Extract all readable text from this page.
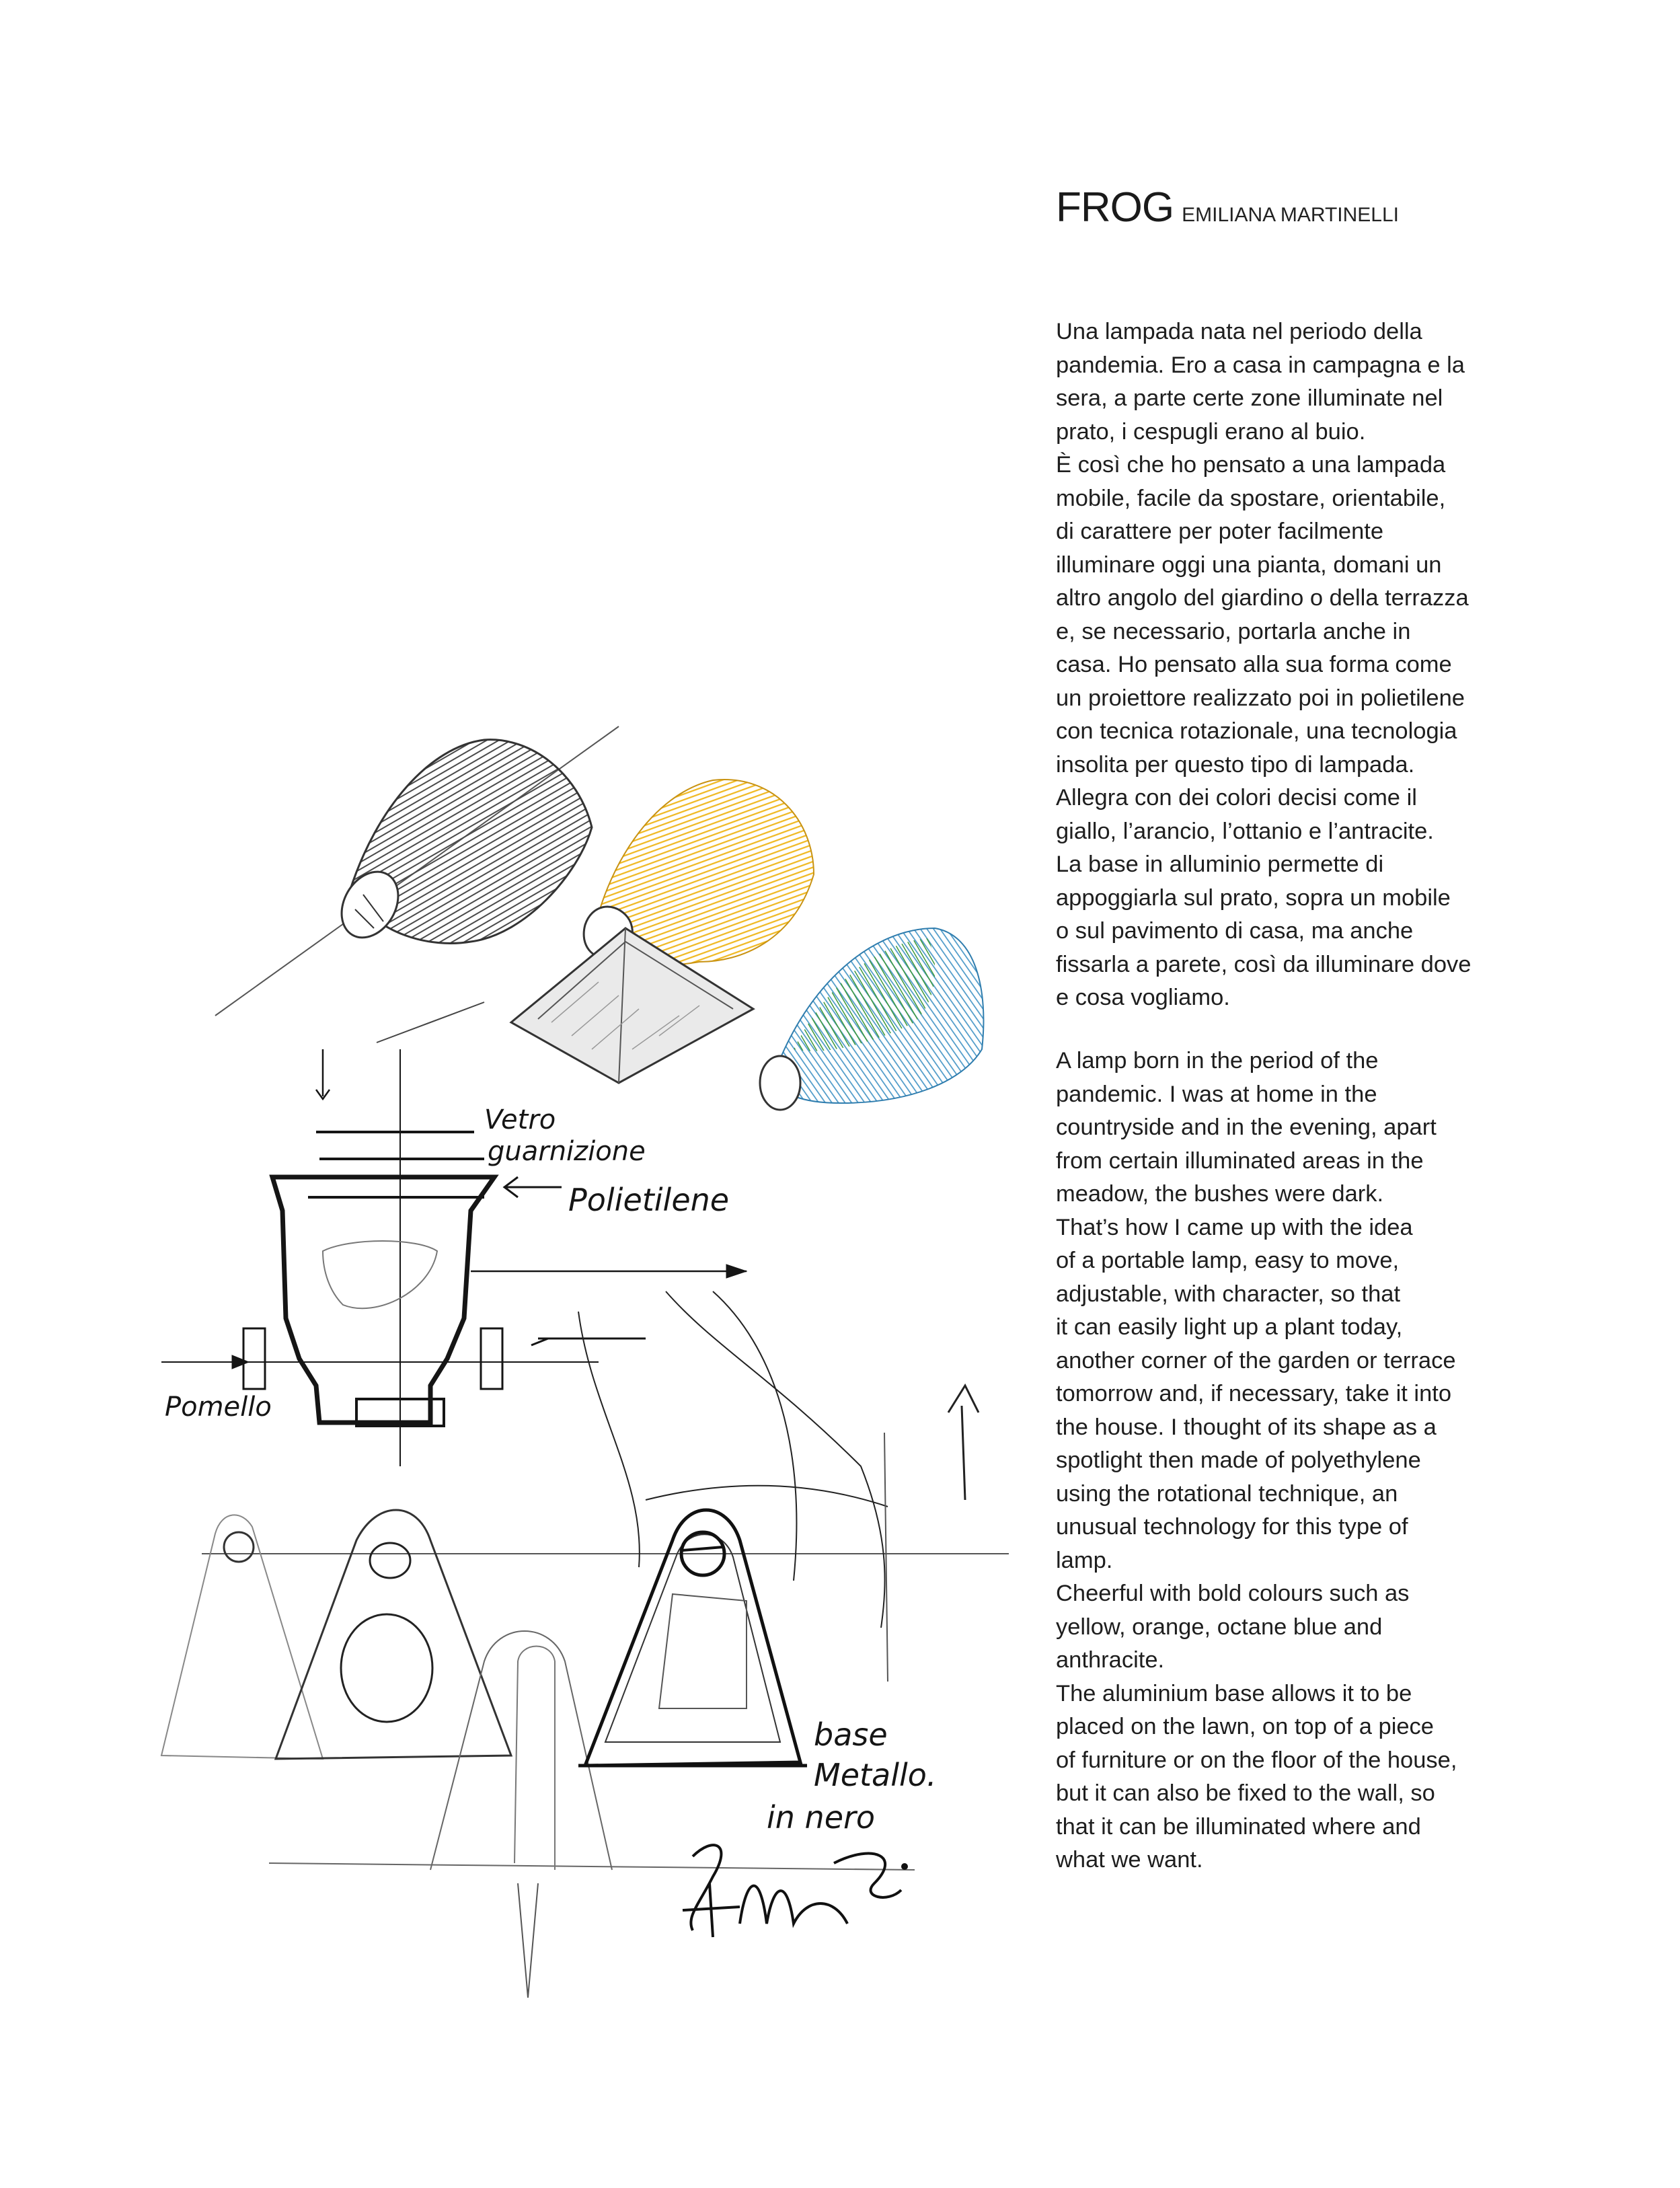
FROG EMILIANA MARTINELLI

Una lampada nata nel periodo della

pandemia. Ero a casa in campagna e la

sera, a parte certe zone illuminate nel

prato, i cespugli erano al buio.

È così che ho pensato a una lampada

mobile, facile da spostare, orientabile,

di carattere per poter facilmente

illuminare oggi una pianta, domani un

altro angolo del giardino o della terrazza

e, se necessario, portarla anche in

casa. Ho pensato alla sua forma come

un proiettore realizzato poi in polietilene

con tecnica rotazionale, una tecnologia

insolita per questo tipo di lampada.

Allegra con dei colori decisi come il

giallo, l’arancio, l’ottanio e l’antracite.

La base in alluminio permette di

appoggiarla sul prato, sopra un mobile

o sul pavimento di casa, ma anche

fissarla a parete, così da illuminare dove

e cosa vogliamo.

A lamp born in the period of the

pandemic. I was at home in the

countryside and in the evening, apart

from certain illuminated areas in the

meadow, the bushes were dark.

That’s how I came up with the idea

of a portable lamp, easy to move,

adjustable, with character, so that

it can easily light up a plant today,

another corner of the garden or terrace

tomorrow and, if necessary, take it into

the house. I thought of its shape as a

spotlight then made of polyethylene

using the rotational technique, an

unusual technology for this type of

lamp.

Cheerful with bold colours such as

yellow, orange, octane blue and

anthracite.

The aluminium base allows it to be

placed on the lawn, on top of a piece

of furniture or on the floor of the house,

but it can also be fixed to the wall, so

that it can be illuminated where and

what we want.

Vetro
guarnizione
Polietilene
Pomello
base
Metallo.
in nero
